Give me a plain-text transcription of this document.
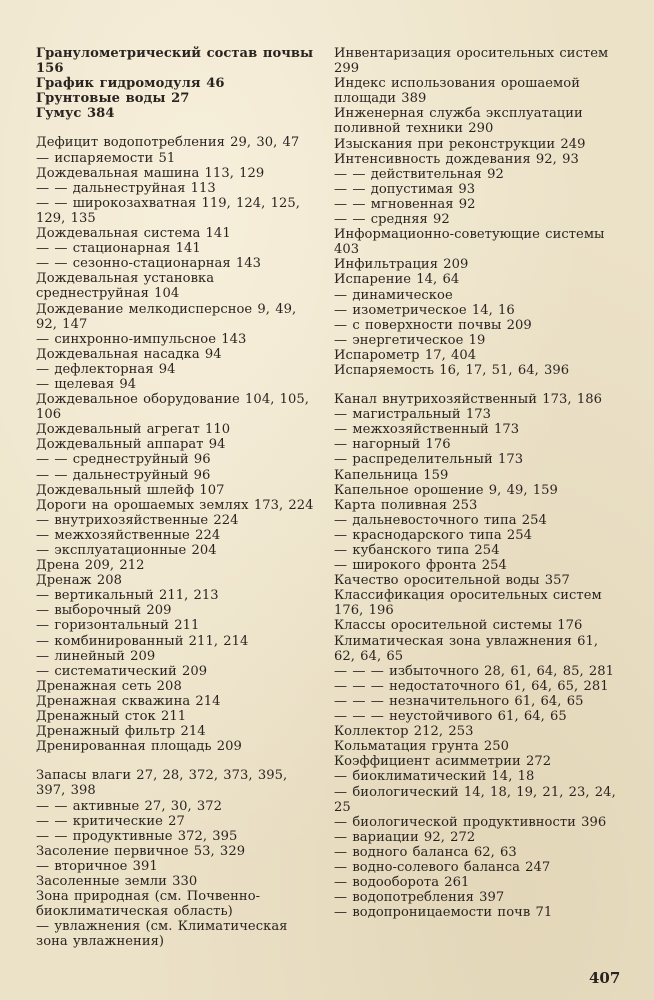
Гранулометрический состав почвы 156

График гидромодуля 46

Грунтовые воды 27

Гумус 384

Дефицит водопотребления 29, 30, 47

— испаряемости 51

Дождевальная машина 113, 129

— — дальнеструйная 113

— — широкозахватная 119, 124, 125, 129, 135

Дождевальная система 141

— — стационарная 141

— — сезонно-стационарная 143

Дождевальная установка среднеструйная 104

Дождевание мелкодисперсное 9, 49, 92, 147

— синхронно-импульсное 143

Дождевальная насадка 94

— дефлекторная 94

— щелевая 94

Дождевальное оборудование 104, 105, 106

Дождевальный агрегат 110

Дождевальный аппарат 94

— — среднеструйный 96

— — дальнеструйный 96

Дождевальный шлейф 107

Дороги на орошаемых землях 173, 224

— внутрихозяйственные 224

— межхозяйственные 224

— эксплуатационные 204

Дрена 209, 212

Дренаж 208

— вертикальный 211, 213

— выборочный 209

— горизонтальный 211

— комбинированный 211, 214

— линейный 209

— систематический 209

Дренажная сеть 208

Дренажная скважина 214

Дренажный сток 211

Дренажный фильтр 214

Дренированная площадь 209

Запасы влаги 27, 28, 372, 373, 395, 397, 398

— — активные 27, 30, 372

— — критические 27

— — продуктивные 372, 395

Засоление первичное 53, 329

— вторичное 391

Засоленные земли 330

Зона природная (см. Почвенно-биоклиматическая область)

— увлажнения (см. Климатическая зона увлажнения)

Инвентаризация оросительных систем 299

Индекс использования орошаемой площади 389

Инженерная служба эксплуатации поливной техники 290

Изыскания при реконструкции 249

Интенсивность дождевания 92, 93

— — действительная 92

— — допустимая 93

— — мгновенная 92

— — средняя 92

Информационно-советующие системы 403

Инфильтрация 209

Испарение 14, 64

— динамическое

— изометрическое 14, 16

— с поверхности почвы 209

— энергетическое 19

Испарометр 17, 404

Испаряемость 16, 17, 51, 64, 396

Канал внутрихозяйственный 173, 186

— магистральный 173

— межхозяйственный 173

— нагорный 176

— распределительный 173

Капельница 159

Капельное орошение 9, 49, 159

Карта поливная 253

— дальневосточного типа 254

— краснодарского типа 254

— кубанского типа 254

— широкого фронта 254

Качество оросительной воды 357

Классификация оросительных систем 176, 196

Классы оросительной системы 176

Климатическая зона увлажнения 61, 62, 64, 65

— — — избыточного 28, 61, 64, 85, 281

— — — недостаточного 61, 64, 65, 281

— — — незначительного 61, 64, 65

— — — неустойчивого 61, 64, 65

Коллектор 212, 253

Кольматация грунта 250

Коэффициент асимметрии 272

— биоклиматический 14, 18

— биологический 14, 18, 19, 21, 23, 24, 25

— биологической продуктивности 396

— вариации 92, 272

— водного баланса 62, 63

— водно-солевого баланса 247

— водооборота 261

— водопотребления 397

— водопроницаемости почв 71

407
